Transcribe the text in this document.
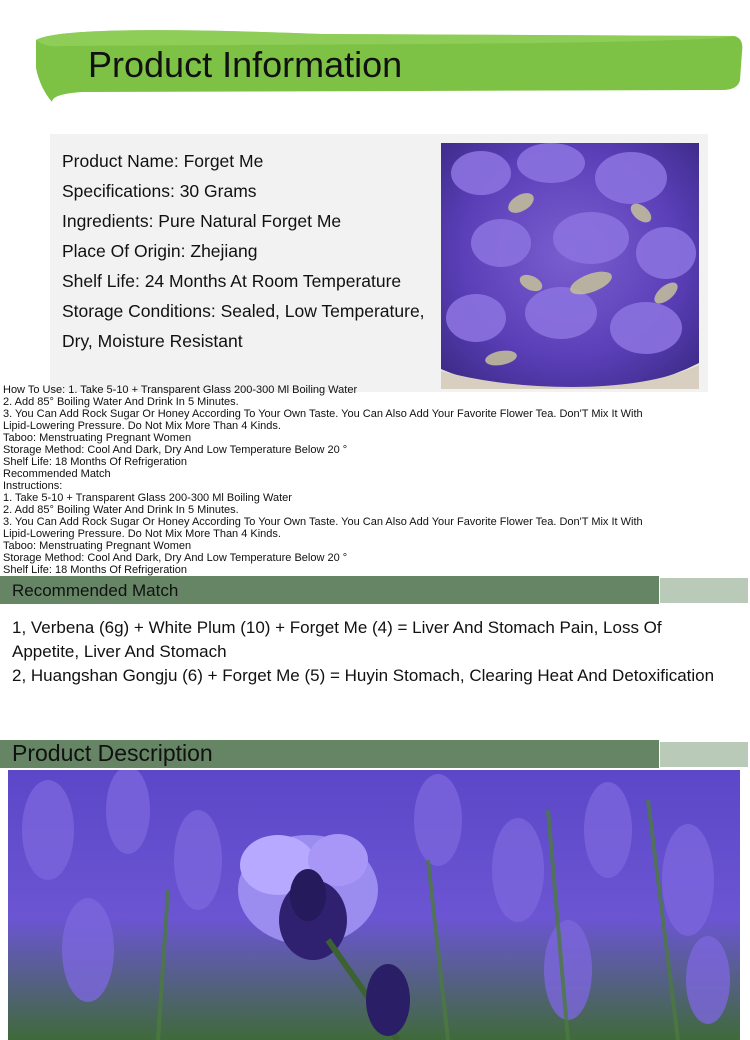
Product Information
Product Name: Forget Me
Specifications: 30 Grams
Ingredients: Pure Natural Forget Me
Place Of Origin: Zhejiang
Shelf Life: 24 Months At Room Temperature
Storage Conditions: Sealed, Low Temperature,
Dry, Moisture Resistant
How To Use: 1. Take 5-10 + Transparent Glass 200-300 Ml Boiling Water
2. Add 85° Boiling Water And Drink In 5 Minutes.
3. You Can Add Rock Sugar Or Honey According To Your Own Taste. You Can Also Add Your Favorite Flower Tea. Don'T Mix It With
Lipid-Lowering Pressure. Do Not Mix More Than 4 Kinds.
Taboo: Menstruating Pregnant Women
Storage Method: Cool And Dark, Dry And Low Temperature Below 20 °
Shelf Life: 18 Months Of Refrigeration
Recommended Match
Instructions:
1. Take 5-10 + Transparent Glass 200-300 Ml Boiling Water
2. Add 85° Boiling Water And Drink In 5 Minutes.
3. You Can Add Rock Sugar Or Honey According To Your Own Taste. You Can Also Add Your Favorite Flower Tea. Don'T Mix It With
Lipid-Lowering Pressure. Do Not Mix More Than 4 Kinds.
Taboo: Menstruating Pregnant Women
Storage Method: Cool And Dark, Dry And Low Temperature Below 20 °
Shelf Life: 18 Months Of Refrigeration
Recommended Match
1, Verbena (6g) + White Plum (10) + Forget Me (4) = Liver And Stomach Pain, Loss Of Appetite, Liver And Stomach
2, Huangshan Gongju (6) + Forget Me (5) = Huyin Stomach, Clearing Heat And Detoxification
Product Description
